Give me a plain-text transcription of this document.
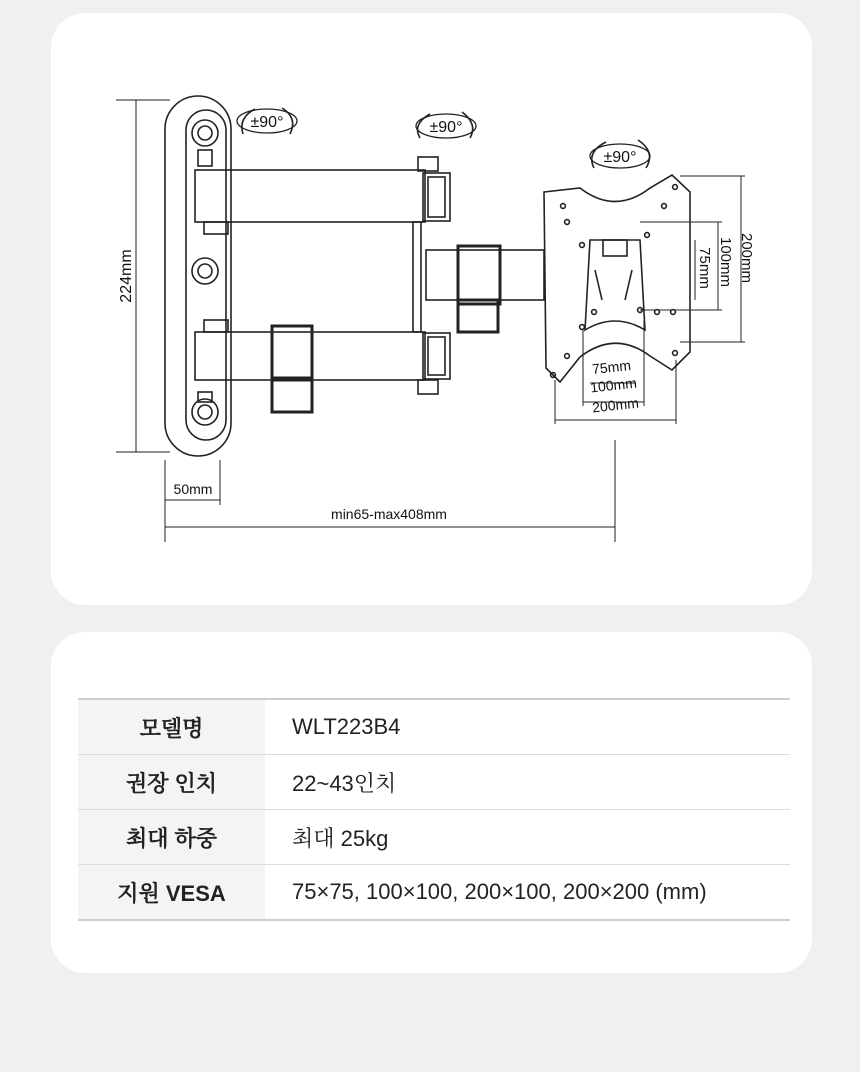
±90°	±90°
±90°
224mm
50mm
min65-max408mm
75mm
100mm
200mm
200mm
100mm
75mm
모델명	WLT223B4
권장 인치	22~43인치
최대 하중	최대 25kg
지원 VESA	75×75, 100×100, 200×100, 200×200 (mm)
